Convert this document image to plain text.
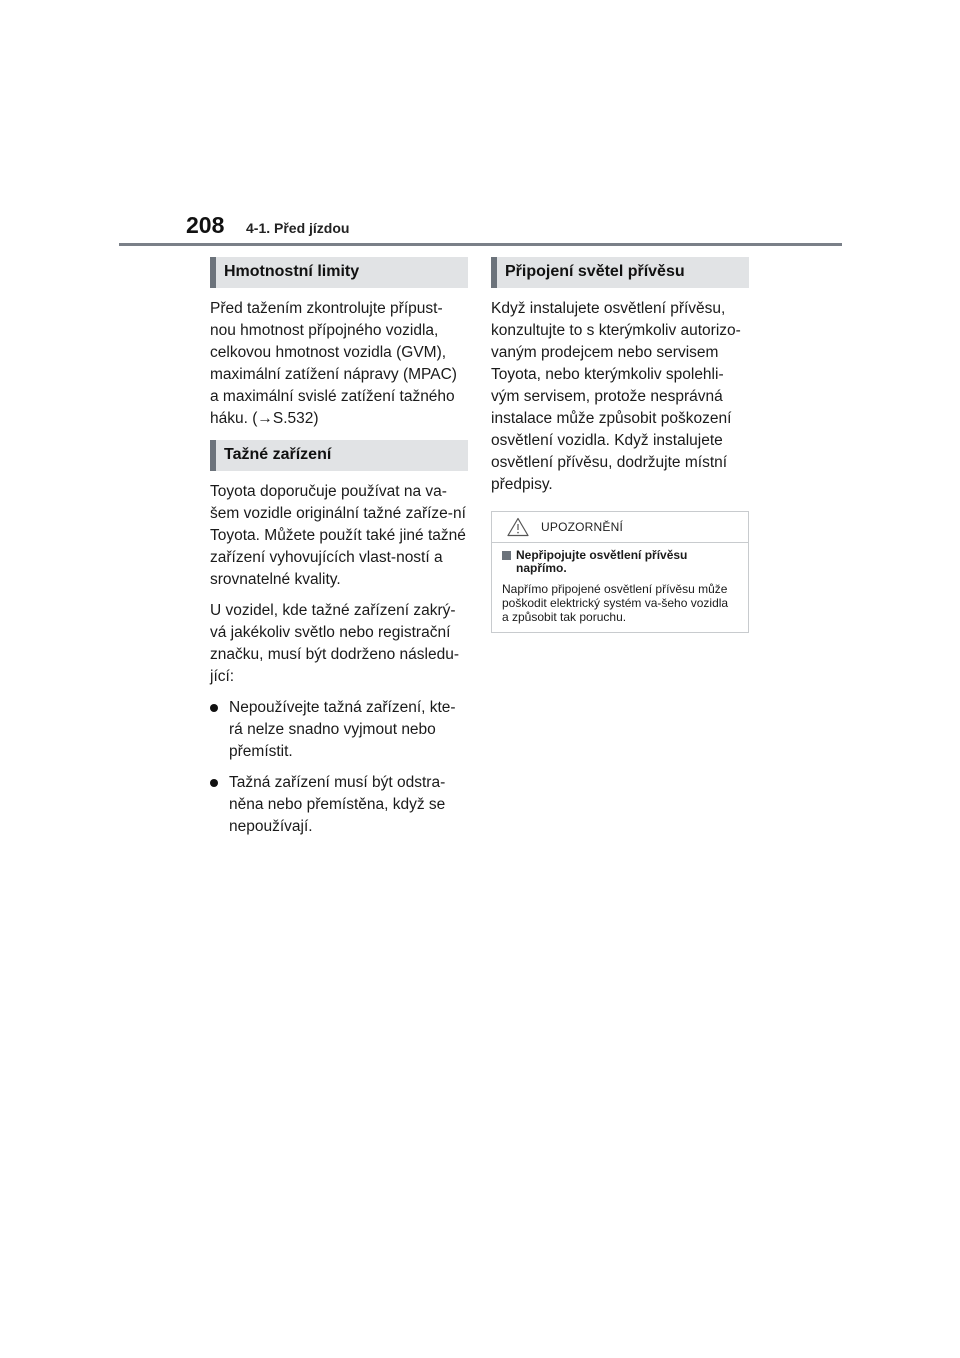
208 4-1. Před jízdou
Hmotnostní limity

Před tažením zkontrolujte přípust-nou hmotnost přípojného vozidla, celkovou hmotnost vozidla (GVM), maximální zatížení nápravy (MPAC) a maximální svislé zatížení tažného háku. (→S.532)

Tažné zařízení

Toyota doporučuje používat na va-šem vozidle originální tažné zaříze-ní Toyota. Můžete použít také jiné tažné zařízení vyhovujících vlast-ností a srovnatelné kvality.

U vozidel, kde tažné zařízení zakrý-vá jakékoliv světlo nebo registrační značku, musí být dodrženo následu-jící:

Nepoužívejte tažná zařízení, kte-rá nelze snadno vyjmout nebo přemístit.
Tažná zařízení musí být odstra-něna nebo přemístěna, když se nepoužívají.
Připojení světel přívěsu

Když instalujete osvětlení přívěsu, konzultujte to s kterýmkoliv autorizo-vaným prodejcem nebo servisem Toyota, nebo kterýmkoliv spolehli-vým servisem, protože nesprávná instalace může způsobit poškození osvětlení vozidla. Když instalujete osvětlení přívěsu, dodržujte místní předpisy.

UPOZORNĚNÍ
Nepřipojujte osvětlení přívěsu napřímo.
Napřímo připojené osvětlení přívěsu může poškodit elektrický systém va-šeho vozidla a způsobit tak poruchu.
